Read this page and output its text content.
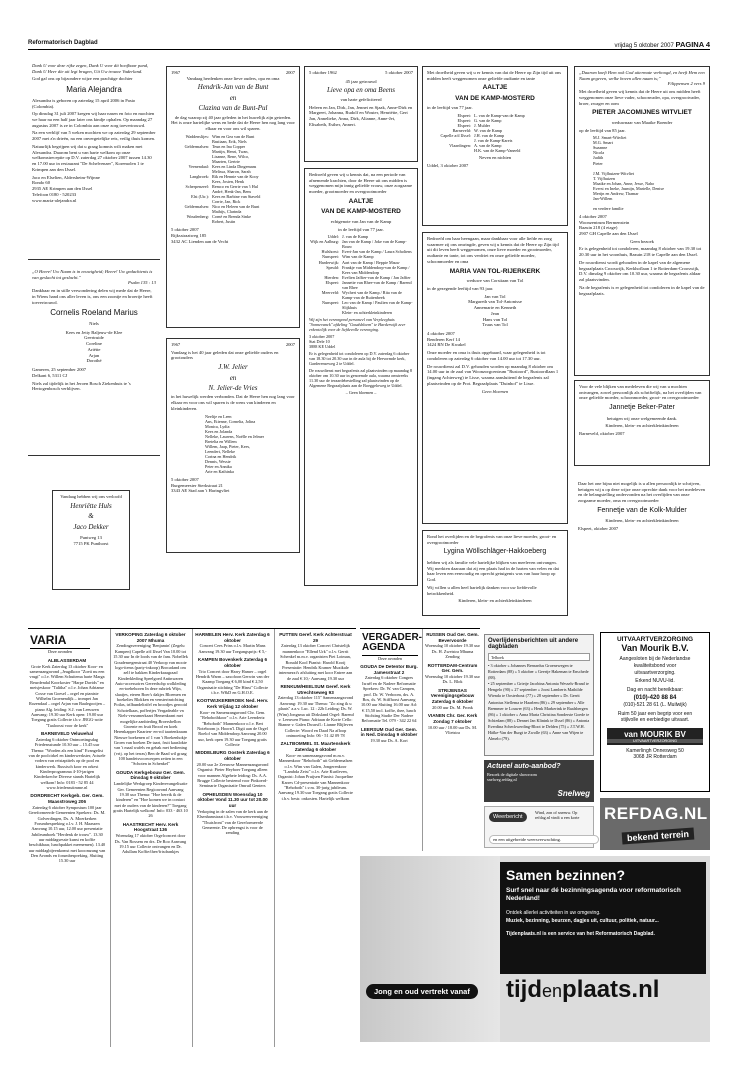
Reformatorisch Dagblad	vrijdag 5 oktober 2007 PAGINA 4
Dank U voor deze rijke zegen, Dank U voor dit hoofbaar pand, Dank U Heer die uit legt brugen, Uit Uw trouwe Vaderland.
God gaf ons op bijzondere wijze een prachtige dochter
Maria Alejandra
Alexandra is geboren op zaterdag 15 april 2006 in Pasto (Colombia).
Op dinsdag 31 juli 2007 kregen wij haar nasen en foto en mochten we haar na een half jaar later ons kindje ophalen. Op maandag 27 augustus 2007 is ze in Colombia aan onze zorg toevertrouwd.
Na een verblijf van 5 weken mochten we op zaterdag 29 september 2007 met z'n drieën, na een onvergetelijke reis, veilig thuis komen.
Natuurlijk begrijpen wij dat u graag komnis wilt maken met Alexandra. Daarom bent u van harte welkom op onze welkomstreceptie op D.V. zaterdag 27 oktober 2007 tussen 14.30 en 17.00 uur in restaurant "De Schelvenaer", Koremolen 1 te Krimpen aan den IJssel.
Jaco en Elselien, Aldersheim-Wijnne
Rondo 60
2935 AE Krimpen aan den IJssel
Telefoon 0180 - 520233
www.maria-alejandra.nl
„O Heere! Uw Naam is in eeuwigheid; Heere! Uw gedachtenis is van geslacht tot geslacht."
Psalm 135 : 13
Dankbaar en in stille verwondering delen wij mede dat de Heere, in Wiens hand ons aller leven is, ons een zoontje en broertje heeft toevertrouwd.
Cornelis Roeland Marius
Niels
Kees en Jetty Baljeuw-de Klee
Geertruide
Coreline
Ariëtte
Arjan
Dorothé
Gameren, 25 september 2007
Delkant 6, 5311 CJ
Niels zal tijdelijk in het Jeroen Bosch Ziekenhuis te 's Hertogenbosch verblijven.
Vandaag hebben wij ons verloofd
Henriëtte Huls
&
Jaco Dekker
Puntweg 13
7715 PK Punthorst
1967	2007
Vandaag herdenken onze lieve ouders, opa en oma
Hendrik-Jan van de Bunt
en
Clazina van de Bunt-Pul
de dag waarop zij 40 jaar geleden in het huwelijk zijn getreden. Het is onze hartelijke wens en bede dat de Heere hen nog lang voor elkaar en voor ons wil sparen.
Waddenslijes: Wim en Gea van de Bunt
Bastiaan, Erik, Niels
Geldermalsen: Teun en Ina Copper
Martijn, Henri, Twan,
Lisanne, Rene, Wilco,
Maarten, Gertrie
Veenendaal: Kees en Linda Dingemans
Melissa, Sharon, Sarah
Langbroek: Rik en Hennie van de Kooy
Kees, Josien, Henk
Scherpenzeel: Remco en Gerrie van 't Hul
André, Henk-Jan, Bens
Elst (Utr.): Kees en Barbine van Staveld
Corrie, Jan, Rick
Geldermalsen: Nico en Heleen van de Bunt
Mathijs, Clarinda
Woudenberg: Cornè en Brenda Sinke
Robert, Justin
5 oktober 2007
Rijksstraatweg 185
3432 AC Lienden aan de Vecht
1967	2007
Vandaag is het 40 jaar geleden dat onze geliefde ouders en grootouders
J.W. Jelier
en
N. Jelier-de Vries
in het huwelijk werden verbonden. Dat de Heere hen nog lang voor elkaar en voor ons wil sparen is de wens van kinderen en kleinkinderen.
Neeltje en Leen
Ans, Etienne, Cornelia, Jolina
Monica, Lydia
Kees en Jolanda
Nelleke, Laurens, Noëlle en Jelmer
Bretelta en Willem
Willem, Jaap, Pieter, Kees,
Leendert, Nelleke
Corina en Hendrik
Dennis, Wessie
Peter en Annika
Arie en Kathinka
5 oktober 2007
Burgemeester Sterkstraat 21
3343 AE Stad aan 't Haringvliet
5 oktober 1962	5 oktober 2007
45 jaar getrouwd
Lieve opa en oma Beens
van harte gefeliciteerd
Heleen en Jan, Dirk, Jan, Jennet en Sjaak, Anne-Dirk en Margreet, Johanna, Rudolf en Wouter, Henriëtte, Gert Jan, Annelieke, Anna, Dirk, Alianne, Anne-Jet, Elisabeth, Esther, Anneri.
Bedroefd geven wij u kennis dat, na een periode van afnemende krachten, door de Heere uit ons midden is weggenomen mijn innig geliefde vrouw, onze zorgzame moeder, grootmoeder en overgrootmoeder
AALTJE
VAN DE KAMP-MOSTERD
echtgenote van Jan van de Kamp
in de leeftijd van 77 jaar.
Uddel: J. van de Kamp
Wijk en Aalburg: Jan van de Kamp / Joke van de Kamp-Bouw
Hulshorst: Evert-Jan van de Kamp / Laura Scholtens
Nunspeet: Wim van de Kamp
Harderwijk: Aart van de Kamp / Beppie Mauw
Speuld: Frankje van Middendorp-van de Kamp / Kees van Middendorp
Hierden: Evelien Jaffier-van de Kamp / Jan Jaffier
Elspeet: Jannette van Rhee-van de Kamp / Barend van Rhee
Meerveld: Wychert van de Kamp / Rita van de Kamp-van de Ruitenbeek
Nunspeet: Leo van de Kamp / Paulien van de Kamp-Slijkhuis
Klein- en achterkleinkinderen
Wij zijn het verzorgend personeel van Verpleeghuis "Sonnevanck" afdeling "Goudsbloem" te Harderwijk zeer erkentelijk voor de liefdevolle verzorging.
3 oktober 2007
Stat Dele 10
3888 KE Uddel
Er is gelegenheid tot condoleren op D.V. zaterdag 6 oktober van 18.30 tot 20.30 uur in de aula bij de Hervormde kerk, Garderenseweg 2 te Uddel.
De rouwdienst met begrafenis zal plaatsvinden op maandag 8 oktober om 10.30 uur in genoemde aula, waarna omstreeks 11.30 uur de teraardebestelling zal plaatsvinden op de Algemene Begraafplaats aan de Boeggeloweg te Uddel.
– Geen bloemen –
Met droefheid geven wij u er kennis van dat de Heere op Zijn tijd uit ons midden heeft weggenomen onze geliefde oudtante en tante
AALTJE
VAN DE KAMP-MOSTERD
in de leeftijd van 77 jaar.
Elspeet: L. van de Kamp-van de Kamp
Elspeet: G. van de Kamp
Elspeet: J. Mulder
Barneveld: W. van de Kamp
Capelle a/d IJssel: J.H. van de Kamp
J. van de Kamp-Kareis
Vlaardingen: A. van de Kamp
H.K. van de Kamp-Vaneeld
Neven en nichten
Uddel, 3 oktober 2007
Bedroefd om haar heengaan, maar dankbaar voor alle liefde en zorg waarmee zij ons omringde, geven wij u kennis dat de Heere op Zijn tijd uit dit leven heeft weggenomen, onze lieve moeder en grootmoeder, oudtante en tante, tot ons verdriet en onze geliefde moeder, schoonmoeder en oma
MARIA VAN TOL-RIJERKERK
weduwe van Corstiaan van Tol
in de gezegende leeftijd van 93 jaar.
Jan van Tol
Margareth van Tol-Antonisse
Annemarie en Kenneth
Jean
Hans van Tol
Truus van Tol
4 oktober 2007
Benderen Kerf 14
1424 RN De Kwakel
Onze moeder en oma is thuis opgebaard, waar gelegenheid is tot condoleren op zaterdag 6 oktober van 14.00 uur tot 17.30 uur.
De rouwdienst zal D.V. gehouden worden op maandag 8 oktober om 14.00 uur in de zaal van Woonzorgcentrum "Rustoord", Rustoordlaan 1 (ingang Achterweg) te Lisse, waarna aansluitend de begrafenis zal plaatsvinden op de Prot. Begraafplaats "Duinhof" te Lisse.
Geen bloemen
Rond het overlijden en de begrafenis van onze lieve moeder, groot- en overgrootmoeder
Lygina Wöllschläger-Hakkoeberg
hebben wij als familie vele hartelijke blijken van meeleven ontvangen. Wij merkten daaraan dat zij een plaats had in de harten van velen en dat haar leven een eenvoudig en oprecht getuigenis was van haar hoop op God.
Wij willen u allen heel hartelijk danken voor uw liefdevolle betrokkenheid.
Kinderen, klein- en achterkleinkinderen
„Daarom koeft Hem ook God uitermate verhoogd, en heeft Hem een Naam gegeven, welke boven allen naam is;"
Filippensen 2 vers 9
Met droefheid geven wij kennis dat de Heere uit ons midden heeft weggenomen onze lieve vader, schoonvader, opa, overgrootvader, broer, zwager en oom
PIETER JACOMIJNES WITVLIET
weduwnaar van Maaike Boender
op de leeftijd van 85 jaar.
M.J. Smart-Witvliet
M.G. Smart
Suzanne
Nicola
Judith
Pieter

J.M. Vijfhuizen-Witvliet
T. Vijfhuizen
Maaike en Johan, Anne, Jesse, Naho
Everst en Ineke, Jasmijn, Marielle, Denise
Merijn en Andrew, Thamar
Jan-Willem

en verdere familie
4 oktober 2007
Woonzentrum Bermenstein
Bazuin 218 (4 etage)
2907 GH Capelle aan den IJssel
Geen bezoek
Er is gelegenheid tot condoleren, maandag 8 oktober van 19.30 tot 20.30 uur in het woonhuis, Bazuin 218 te Capelle aan den IJssel.
De rouwdienst wordt gehouden in de kapel van de algemene begraafplaats Crooswijk, Kerkhoflaan 1 te Rotterdam-Crooswijk, D.V. dinsdag 9 oktober om 10.30 uur, waarna de begrafenis aldaar zal plaatsvinden.
Na de begrafenis is er gelegenheid tot condoleren in de kapel van de begraafplaats.
Voor de vele blijken van medeleven die wij van u mochten ontvangen, zowel persoonlijk als schriftelijk, na het overlijden van onze geliefde moeder, schoonmoeder, groot- en overgrootmoeder
Jannetje Beker-Pater
betuigen wij onze welgemeende dank.
Kinderen, klein- en achterkleinkinderen
Barneveld, oktober 2007
Daar het one bijna niet mogelijk is u allen persoonlijk te schrijven, betuigen wij u op deze wijze onze oprechte dank voor het medeleven en de belangstelling ondervonden na het overlijden van onze zorgzame moeder, oma en overgrootmoeder
Fennetje van de Kolk-Mulder
Kinderen, klein- en achterkleinkinderen
Elspeet, oktober 2007
VARIA
Deze avonden
ALBLASSERDAM
Grote Kerk Zaterdag 13 oktober Koor- en samenzangavond „Jeugdkoor "Zoeti nu een vrugt" o.l.v. Willem Schuitema harte Marga Reurdendal Koorkoster "Harpe Davids" en meisjeskoor "Talitha" o.l.v. Johan Adrianse Cosse van Goesel – orgel en pianiste Wilhelm Groenendijk – trompet Jan Rozendaal – orgel Arjan van Baalegooijen – piano Alg. leiding: S.J. van Leeuwen Aanvang: 19.30 uur Kerk open: 19.00 uur Toegang gratis Collecte t.b.v. JBGG-actie "Taaloosst voor de kerk"
BARNEVELD Veluwehal
Zaterdag 6 oktober Ontmoetingsdag Friedensstunde 10.30 uur – 15.45 uur Thema: "Worden als een kind" Evangelist van de poolcirkel en kinderwerkster, Actuele vodern van reistaptitels op de pool en kinderwerk. Russisch koor en orkest Kinderprogramma 4-10-jarigen Kinderkreche Diverse stands Hartelijk welkom! Info: 0183 - 52 85 44 www.friedensstimme.nl
DORDRECHT Kerkgeb. Ger. Gem. Maasstroweg 206
Zaterdag 6 oktober Symposium 100 jaar Gereformeerde Gemeenten Sprekers: Ds. M. Golverdingen, Ds. A. Moerkerken Forumbespreking o.l.v. J. H. Maaszen Aanvang 10.15 uur, 12.00 uur presentatie Jubileumboek "Herdenk de trouw". 13.30 uur middagsessie kunst en koffie beschikbaar, lunchpakket meenemen). 13.40 uur middagbijeenkomst met kooomzang van Den Avonds en forumbespreking. Sluiting 15.30 uur
VERKOPING Zaterdag 6 oktober 2007 Mhuma
Zendingsvereniging 'Benjamin' (Zegelu Kampen) Capelle a/d IJssel Van 10.00 tot 15.30 uur In de loods van de fam. Nobellek Goudenregenstraat 40 Verkoop van mooie logo-items (party-inkoop) Brocadand om zelf te bakken Kinderkraagraad Kinderkleding Speelgoed Antinwaren Auto-accessoires Gereedschp wolkleding en-toebehoren In deze rubriek Wijn, slaatjes, eieren Boer's dakjes Bloemen en boekelies Blokken en vensterinrichting Potlas, trilbundeltrifel en broodjes gerooid Schotelkaas, poffertjes Vergadeable vn Niels-verzamerkaart Hemenkrant met mogelijke aanbieding Broersbellon Groente en fruit Brood en koek Herenkapper Knarten- en-rol taartenkraam Nieuwe boekenen of 1 van 't Boekenhokje Groen van boeken De taart, fruit kaaslokte van 't maal wafels en gebak met bediening (vrij. op het terras) Ben de Baad wil graag 100 handeisvoorwerpen zetten in een "Schoten in Schenkel"
GOUDA Kerkgebouw Ger. Gem. Dinsdag 9 oktober
Landelijke Werkgroep Kinderevangelisatie Ger. Gemeenten Regioavond Aanvang 19.30 uur Thema: "Hoe bereik ik de kinderen" en "Hoe komen we in contact met de ouders van de kinderen?" Toegang gratis Hartelijk welkom! Info: 033 - 463 10 26
HAASTRECHT Herv. Kerk Hoogstraat 136
Woensdag 17 oktober Orgelconcert door Ds. Van Rossem en drs. De Roo Aanvang 19.15 uur Collecte ontvangen en Dr. Adullam Koffie/thee/frisdrankjes
HARMELEN Herv. Kerk Zaterdag 6 oktober
Concert Cees Prins o.l.v. Martin Mans Aanvang 19.30 uur Toegangsprijs: € 5,-
KAMPEN Bovenkerk Zaterdag 6 oktober
Trio Concert door Harry Hamer – orgel Hendrik Warm – saxofoon Gerwin van der Kaamp Toegang € 6,00 kind € 2,50 Organisatie stichting "De Hinst" Collecte t.b.v. W&D en G.H.O.E.
KOOTWIJKERBROEK Ned. Herv. Kerk Vrijdag 12 oktober
Koor- en Samenzangavond Chr. Gem. "Rehobothkoor" o.l.v. Arie Leendertz "Rehoboth" Mannenkoor o.l.v. Bert Noteboom jr. Hoorn'l. Digti aan de Orgel Roelof van Middendorp Aanvang 20.00 uur, kerk open 19.30 uur Toegang gratis Collecte
MIDDELBURG Oosterk Zaterdag 6 oktober
20.00 uur 2e Zeeuwse Mannenzangavond Organist: Pieter Heyboer Toegang alleen voor mannen Algeheie leiding: Ds. A.A. Brugge Collecte bestemd voor Pinkoerd-Seminarie Organisatie Omruil Genters
OPHEUSDEN Woensdag 10 oktober Vond 11.30 uur tot 20.00 uur
Verkoping in de zalen van de kerk aan de Elsenhamstraat t.b.v. Vrouwenvereniging "Thuisfront" van de Gereformeerde Gemeente. De opbrengst is voor de zending
PUTTEN Geref. Kerk Achterstraat 29
Zaterdag 13 oktober Concert Christelijk mannenkoor "Ellend Urk" o.l.v. Gerrit Schenkel m.m.v. organisten Piet Loiman, Ronald Kool Pianist: Harold Kooij Presentatie: Hendrik Kramer Muzikale intermezzi's afsluiting met koor Entree aan de zaal € 10,- Aanvang 19.30 uur
RENKUM/HEELSUM Geref. Kerk Utrechtseweg 93
Zaterdag 13 oktober 115" Samenzangavond Aanvang: 19.30 uur Thema: "Zo zing ik u plaats" a.a.v. Luc. 12 : 22b Leiding: Ds. W. (Wim) Jongsma uit Dirksland Orgel: Barend v. Leeuwen Piano: Adriaan de Korte Cello: Bianne v. Galen Dwarsfl.: Lianne Blijleven Collecte: Woord en Daad Na afloop ontmoeting Info: 06 - 51 42 09 78
ZALTBOMMEL St. Maartenskerk Zaterdag 6 oktober
Koor- en samenzangavond m.m.v. Mannenkoor "Rehoboth" uit Geldermalsen o.l.v. Wim van Galen, Jongerenkoor "Lambda Zeist" o.l.v. Arie Kurtleven, Organist: Johan Pruijsen Pianist: Jacqueline Karres Cd-presentatie van Mannenkoor "Rehoboth" i.v.m. 30-jarig jubileum. Aanvang 19.30 uur Toegang gratis Collecte t.b.v. bestr. onkosten. Hartelijk welkom
VERGADER-
AGENDA
Deze avonden
GOUDA De Detentor Burg. Jamesstraat 2
Zaterdag 6 oktober Congres Israël en de Nadere Reformatie Sprekers: Dr. W. van Campen, prof. Dr. W. Verboom, drs. A. Bos, ds. W. Stiffhorst Aanvang 10.00 uur Sluiting 16.00 uur Ad: € 15,50 incl. koffie, thee, lunch Stichting Studie Der Nadere Reformatie Tel. 079 - 342 22 64
LEERSUM Oud Ger. Gem. in Ned. Dinsdag 9 oktober
19.30 uur Ds. A. Kort
RUSSEN Oud Ger. Gem. Bevervoorde
Woensdag 10 oktober 19.30 uur Ds. H. Zweistra Mhuma Zending
ROTTERDAM-Centrum Ger. Gem.
Woensdag 10 oktober 19.30 uur Ds. L. Blok
STRIJENSAS Verenigingsgebouw Zaterdag 6 oktober
20.00 uur Ds. M. Pronk
VIANEN Chr. Ger. Kerk Zondag 7 oktober
10.00 uur / 18.00 uur Ds. M. Vlietstra
Overlijdensberichten uit andere dagbladen
Telboek
• 3 oktober » Johannes Bernardus Groenewegen te Rotterdam (88) » 5 oktober » Geertje Hakeman te Enschede (88).
• 25 september » Grietje Jacobina Antonia Wessels-Brand te Hengelo (90) » 27 september » Joost Lamberts Mathilde Wienda te Oosterhout (77) » 28 september » Dr. Gerrit Antonius Stellema te Haarlem (86) » 29 september » Alle Bremmer te Louwer (63) » Henk Markerink te Raalsbergen (86) » 1 oktober » Anna Maria Christina Sonderste Goede te Schiedam (88) » Dennet Jan Klinink te IJssel (86) » Antonia Everdina Scheckwerding-Bloot te Delden (75) » J.T.W.H. Häfke-Van der Burgt te Zwolle (63) » Anne van Wijen te Almelo (79).
Actueel auto-aanbod?
Bezoek de digitale showroom snelweg.refdag.nl
Snelweg
UITVAARTVERZORGING
Van Mourik B.V.
Aangesloten bij de Nederlandse
kwaliteitsbond voor
uitvaartverzorging.
Erkend NUVU-lid.
Dag en nacht bereikbaar:
(010)-420 88 84
(010)-521 28 61 (L. Muilwijk)
Ruim 50 jaar een begrip voor een
stijlvolle en eerbiedige uitvaart.
van MOURIK BV
UITVAARTVERZORGING
Kamerlingh Onnesweg 50
3068 JR Rotterdam
Weerbericht
Wind, zon of sneeuw. Op
refdag.nl vindt u een korte
en een uitgebreide weersverwachting.
REFDAG.NL
bekend terrein
Samen bezinnen?
Surf snel naar dé bezinningsagenda voor reformatorisch Nederland!
Ontdek allerlei activiteiten in uw omgeving.
Muziek, bezinning, beurzen, dagjes uit, cultuur, politiek, natuur...
Tijdenplaats.nl is een service van het Reformatorisch Dagblad.
Jong en oud vertrekt vanaf	tijdenplaats.nl
